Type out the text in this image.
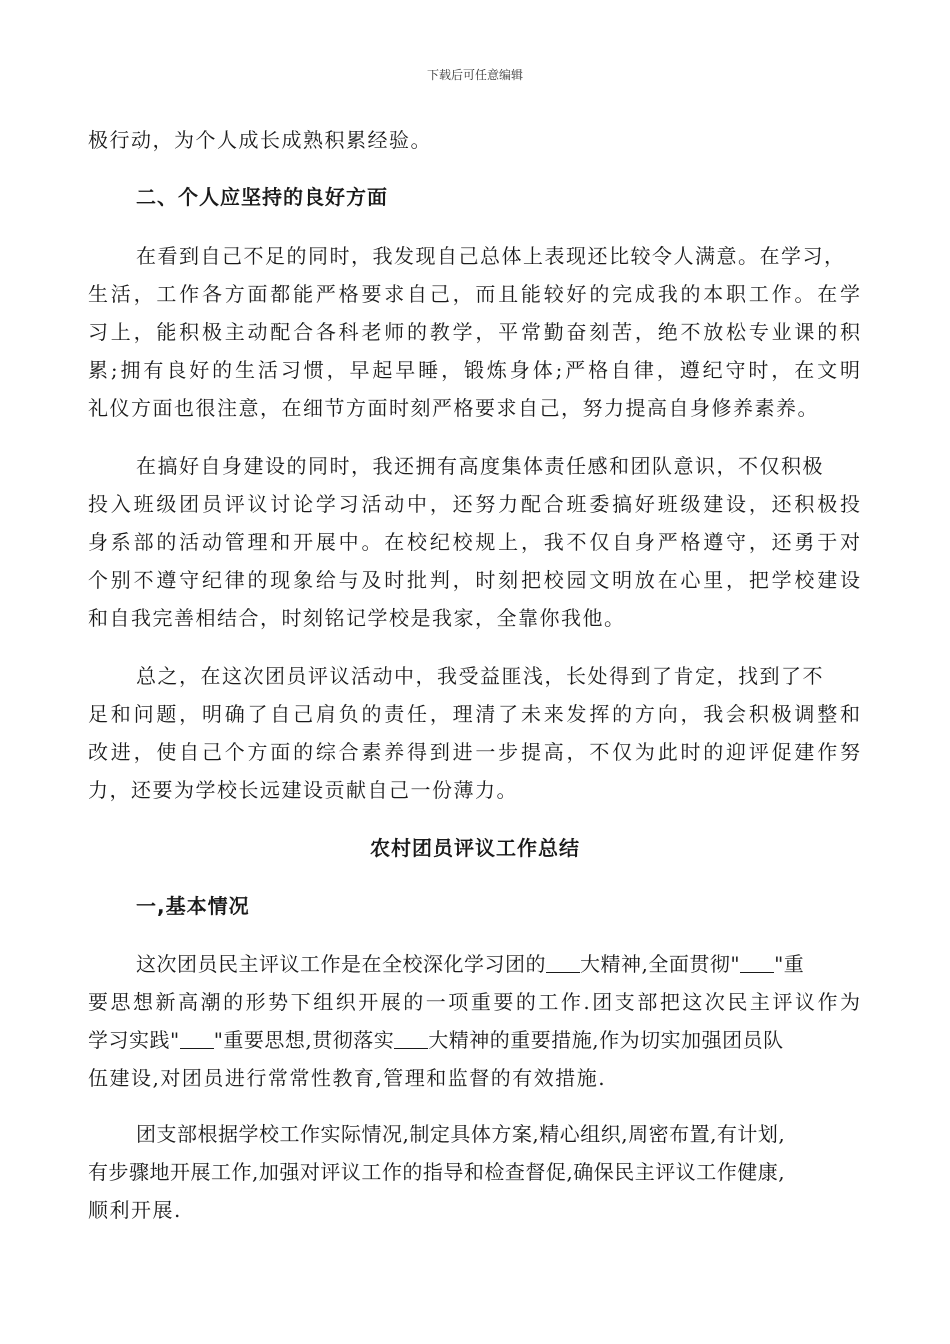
下载后可任意编辑
极行动，为个人成长成熟积累经验。
二、个人应坚持的良好方面
在看到自己不足的同时，我发现自己总体上表现还比较令人满意。在学习，
生活，工作各方面都能严格要求自己，而且能较好的完成我的本职工作。在学
习上，能积极主动配合各科老师的教学，平常勤奋刻苦，绝不放松专业课的积
累;拥有良好的生活习惯，早起早睡，锻炼身体;严格自律，遵纪守时，在文明
礼仪方面也很注意，在细节方面时刻严格要求自己，努力提高自身修养素养。
在搞好自身建设的同时，我还拥有高度集体责任感和团队意识，不仅积极
投入班级团员评议讨论学习活动中，还努力配合班委搞好班级建设，还积极投
身系部的活动管理和开展中。在校纪校规上，我不仅自身严格遵守，还勇于对
个别不遵守纪律的现象给与及时批判，时刻把校园文明放在心里，把学校建设
和自我完善相结合，时刻铭记学校是我家，全靠你我他。
总之，在这次团员评议活动中，我受益匪浅，长处得到了肯定，找到了不
足和问题，明确了自己肩负的责任，理清了未来发挥的方向，我会积极调整和
改进，使自己个方面的综合素养得到进一步提高，不仅为此时的迎评促建作努
力，还要为学校长远建设贡献自己一份薄力。
农村团员评议工作总结
一,基本情况
这次团员民主评议工作是在全校深化学习团的 大精神,全面贯彻" "重
要思想新高潮的形势下组织开展的一项重要的工作.团支部把这次民主评议作为
学习实践" "重要思想,贯彻落实 大精神的重要措施,作为切实加强团员队
伍建设,对团员进行常常性教育,管理和监督的有效措施.
团支部根据学校工作实际情况,制定具体方案,精心组织,周密布置,有计划,
有步骤地开展工作,加强对评议工作的指导和检查督促,确保民主评议工作健康,
顺利开展.
